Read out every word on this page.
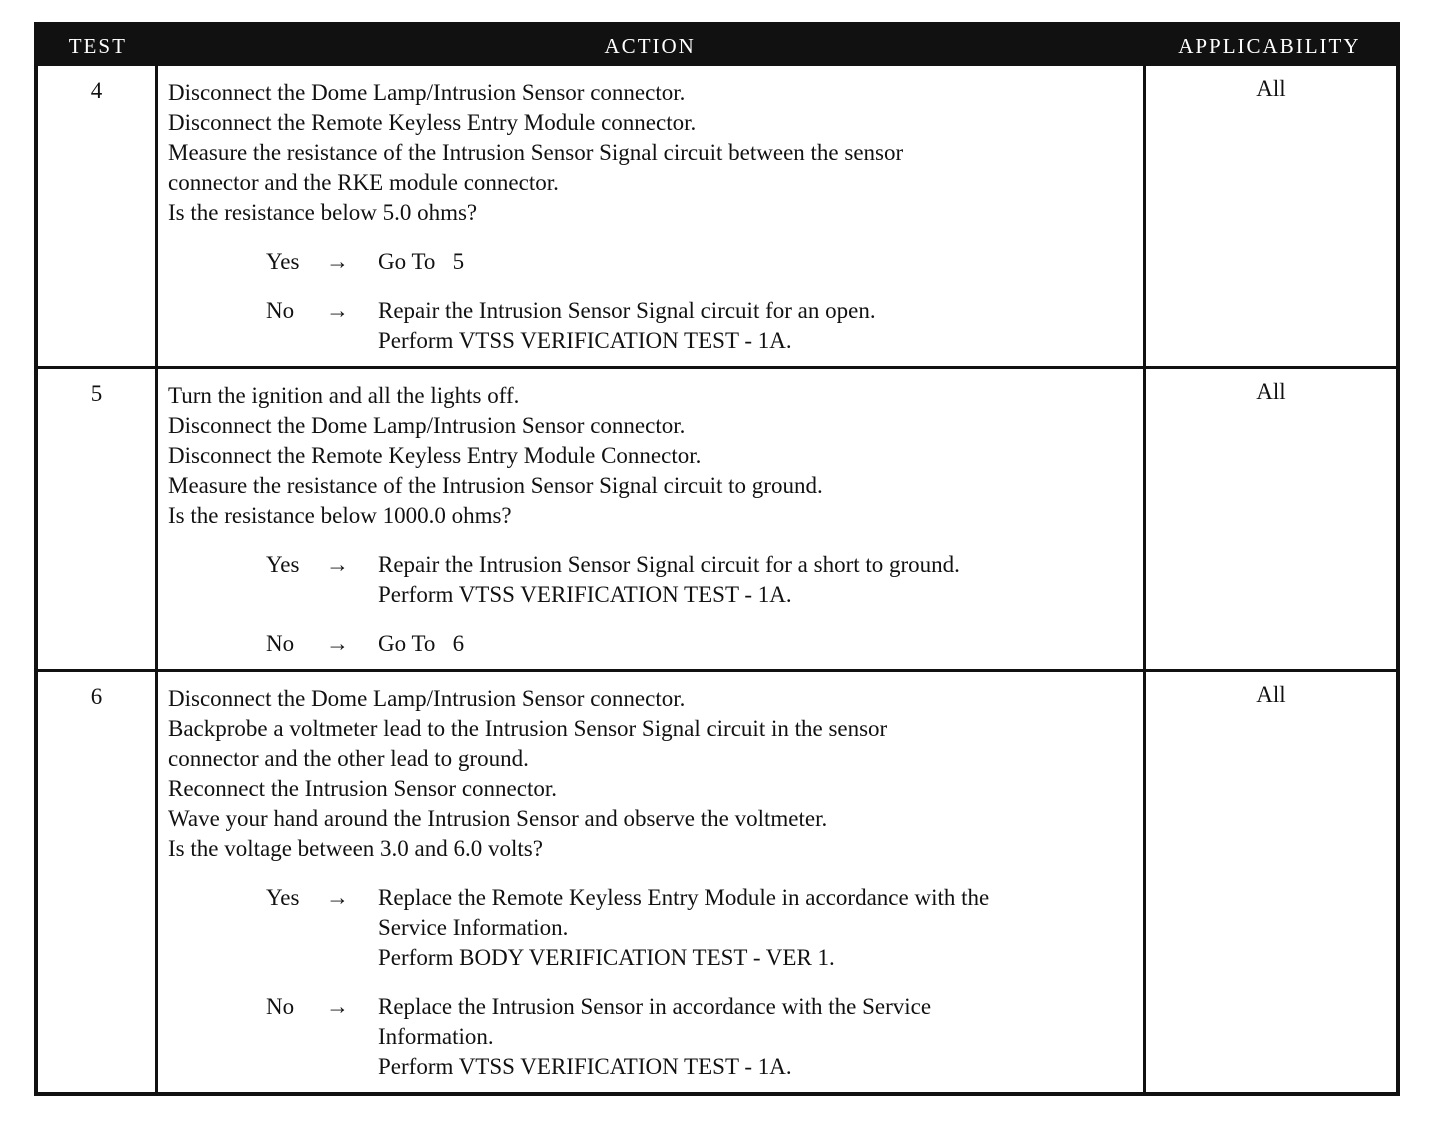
TEST	ACTION	APPLICABILITY
4	Disconnect the Dome Lamp/Intrusion Sensor connector.
Disconnect the Remote Keyless Entry Module connector.
Measure the resistance of the Intrusion Sensor Signal circuit between the sensor
connector and the RKE module connector.
Is the resistance below 5.0 ohms?
Yes	→	Go To   5
No	→	Repair the Intrusion Sensor Signal circuit for an open.
Perform VTSS VERIFICATION TEST - 1A.
All
5	Turn the ignition and all the lights off.
Disconnect the Dome Lamp/Intrusion Sensor connector.
Disconnect the Remote Keyless Entry Module Connector.
Measure the resistance of the Intrusion Sensor Signal circuit to ground.
Is the resistance below 1000.0 ohms?
Yes	→	Repair the Intrusion Sensor Signal circuit for a short to ground.
Perform VTSS VERIFICATION TEST - 1A.
No	→	Go To   6
All
6	Disconnect the Dome Lamp/Intrusion Sensor connector.
Backprobe a voltmeter lead to the Intrusion Sensor Signal circuit in the sensor
connector and the other lead to ground.
Reconnect the Intrusion Sensor connector.
Wave your hand around the Intrusion Sensor and observe the voltmeter.
Is the voltage between 3.0 and 6.0 volts?
Yes	→	Replace the Remote Keyless Entry Module in accordance with the
Service Information.
Perform BODY VERIFICATION TEST - VER 1.
No	→	Replace the Intrusion Sensor in accordance with the Service
Information.
Perform VTSS VERIFICATION TEST - 1A.
All
